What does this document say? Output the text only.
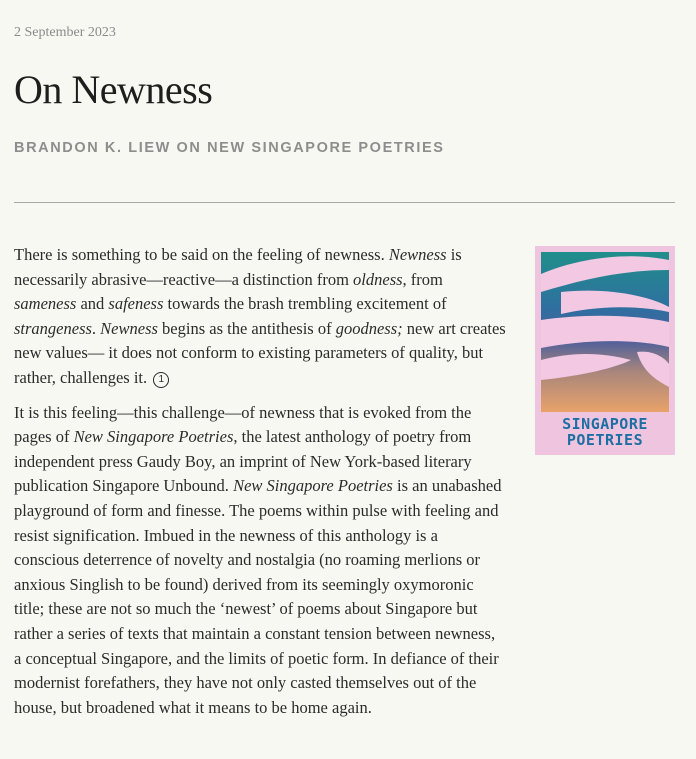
2 September 2023
On Newness
BRANDON K. LIEW ON NEW SINGAPORE POETRIES

There is something to be said on the feeling of newness. Newness is necessarily abrasive—reactive—a distinction from oldness, from sameness and safeness towards the brash trembling excitement of strangeness. Newness begins as the antithesis of goodness; new art creates new values— it does not conform to existing parameters of quality, but rather, challenges it. 1

It is this feeling—this challenge—of newness that is evoked from the pages of New Singapore Poetries, the latest anthology of poetry from independent press Gaudy Boy, an imprint of New York-based literary publication Singapore Unbound. New Singapore Poetries is an unabashed playground of form and finesse. The poems within pulse with feeling and resist signification. Imbued in the newness of this anthology is a conscious deterrence of novelty and nostalgia (no roaming merlions or anxious Singlish to be found) derived from its seemingly oxymoronic title; these are not so much the ‘newest’ of poems about Singapore but rather a series of texts that maintain a constant tension between newness, a conceptual Singapore, and the limits of poetic form. In defiance of their modernist forefathers, they have not only casted themselves out of the house, but broadened what it means to be home again.

SINGAPORE
POETRIES
